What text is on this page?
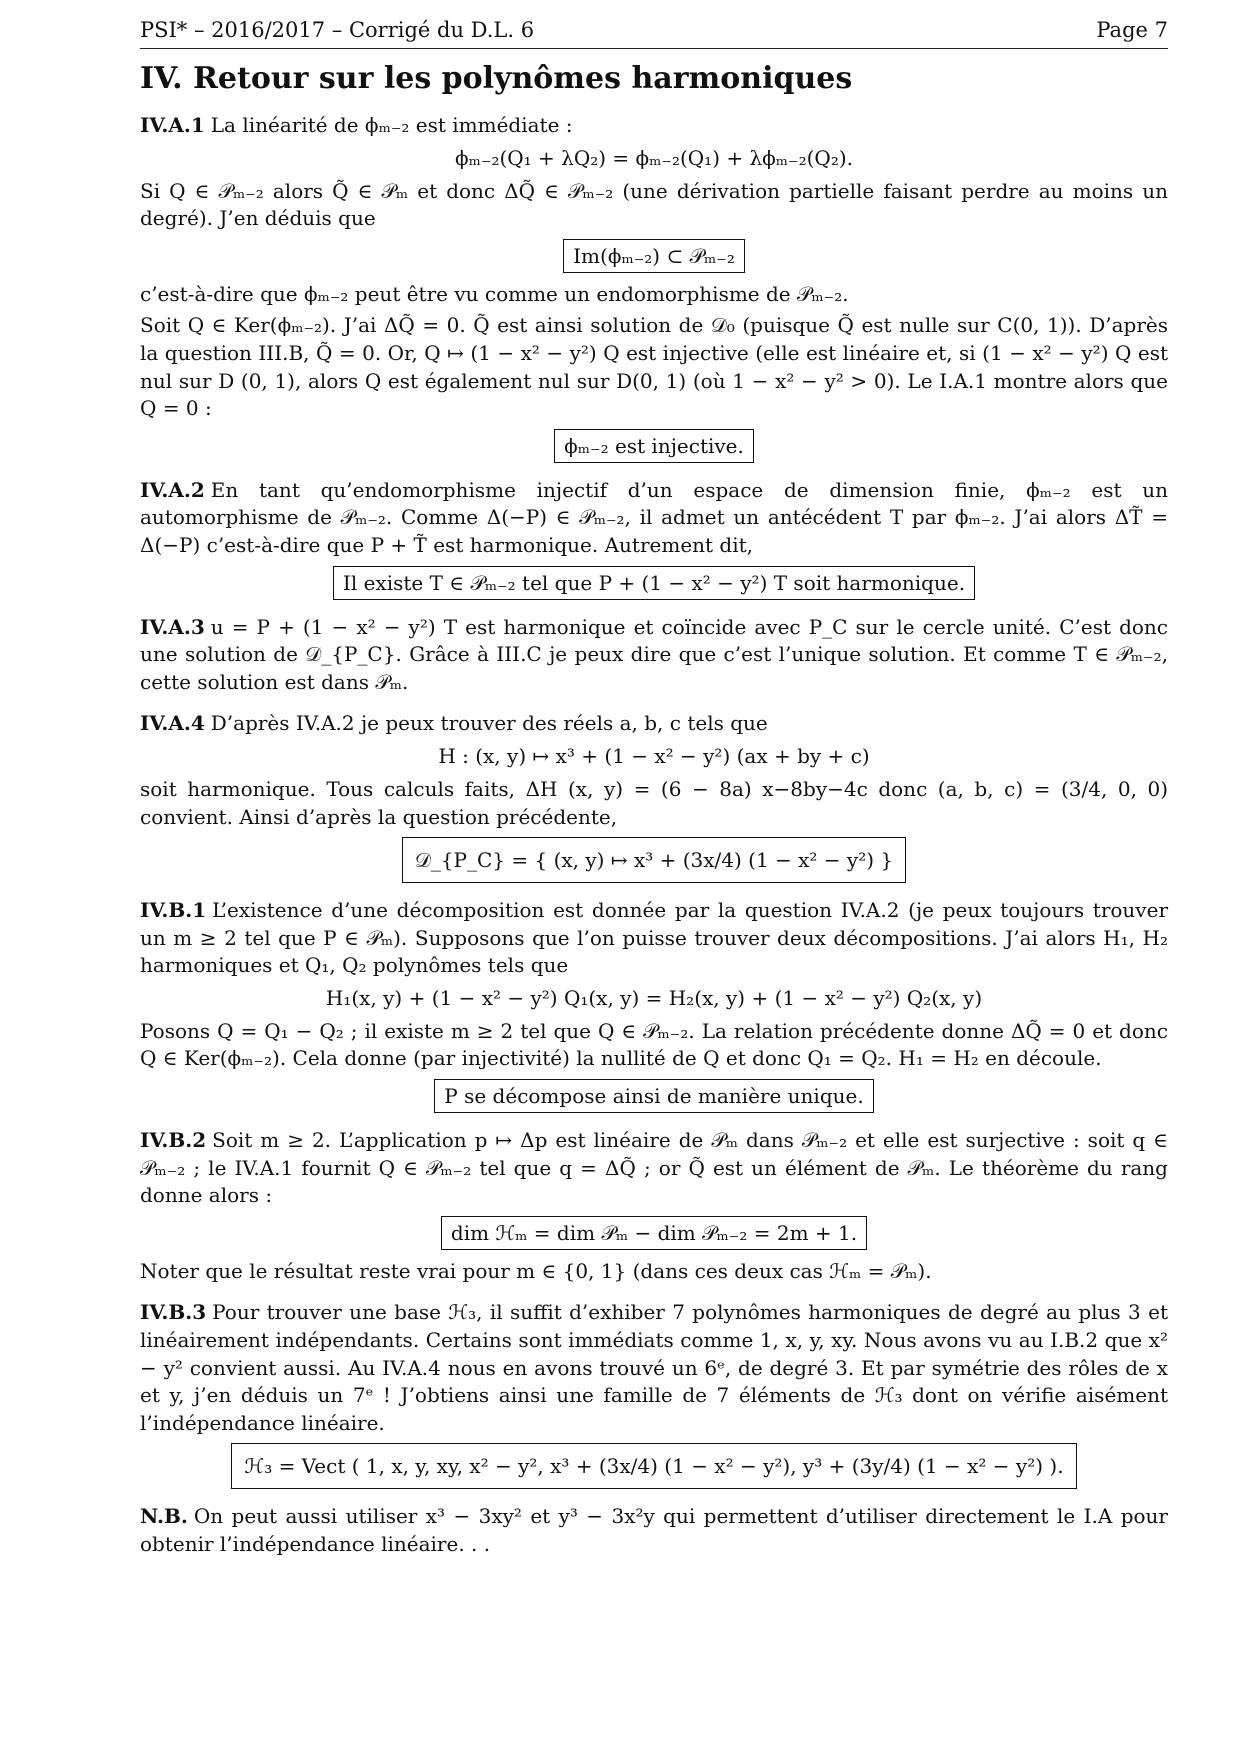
PSI* – 2016/2017 – Corrigé du D.L. 6	Page 7
IV. Retour sur les polynômes harmoniques

IV.A.1 La linéarité de ϕₘ₋₂ est immédiate :

ϕₘ₋₂(Q₁ + λQ₂) = ϕₘ₋₂(Q₁) + λϕₘ₋₂(Q₂).

Si Q ∈ 𝒫ₘ₋₂ alors Q̃ ∈ 𝒫ₘ et donc ΔQ̃ ∈ 𝒫ₘ₋₂ (une dérivation partielle faisant perdre au moins un degré). J’en déduis que

Im(ϕₘ₋₂) ⊂ 𝒫ₘ₋₂

c’est-à-dire que ϕₘ₋₂ peut être vu comme un endomorphisme de 𝒫ₘ₋₂.

Soit Q ∈ Ker(ϕₘ₋₂). J’ai ΔQ̃ = 0. Q̃ est ainsi solution de 𝒟₀ (puisque Q̃ est nulle sur C(0, 1)). D’après la question III.B, Q̃ = 0. Or, Q ↦ (1 − x² − y²) Q est injective (elle est linéaire et, si (1 − x² − y²) Q est nul sur D (0, 1), alors Q est également nul sur D(0, 1) (où 1 − x² − y² > 0). Le I.A.1 montre alors que Q = 0 :

ϕₘ₋₂ est injective.

IV.A.2 En tant qu’endomorphisme injectif d’un espace de dimension finie, ϕₘ₋₂ est un automorphisme de 𝒫ₘ₋₂. Comme Δ(−P) ∈ 𝒫ₘ₋₂, il admet un antécédent T par ϕₘ₋₂. J’ai alors ΔT̃ = Δ(−P) c’est-à-dire que P + T̃ est harmonique. Autrement dit,

Il existe T ∈ 𝒫ₘ₋₂ tel que P + (1 − x² − y²) T soit harmonique.

IV.A.3 u = P + (1 − x² − y²) T est harmonique et coïncide avec P_C sur le cercle unité. C’est donc une solution de 𝒟_{P_C}. Grâce à III.C je peux dire que c’est l’unique solution. Et comme T ∈ 𝒫ₘ₋₂, cette solution est dans 𝒫ₘ.

IV.A.4 D’après IV.A.2 je peux trouver des réels a, b, c tels que

H : (x, y) ↦ x³ + (1 − x² − y²) (ax + by + c)

soit harmonique. Tous calculs faits, ΔH (x, y) = (6 − 8a) x−8by−4c donc (a, b, c) = (3/4, 0, 0) convient. Ainsi d’après la question précédente,

𝒟_{P_C} = { (x, y) ↦ x³ + (3x/4) (1 − x² − y²) }

IV.B.1 L’existence d’une décomposition est donnée par la question IV.A.2 (je peux toujours trouver un m ≥ 2 tel que P ∈ 𝒫ₘ). Supposons que l’on puisse trouver deux décompositions. J’ai alors H₁, H₂ harmoniques et Q₁, Q₂ polynômes tels que

H₁(x, y) + (1 − x² − y²) Q₁(x, y) = H₂(x, y) + (1 − x² − y²) Q₂(x, y)

Posons Q = Q₁ − Q₂ ; il existe m ≥ 2 tel que Q ∈ 𝒫ₘ₋₂. La relation précédente donne ΔQ̃ = 0 et donc Q ∈ Ker(ϕₘ₋₂). Cela donne (par injectivité) la nullité de Q et donc Q₁ = Q₂. H₁ = H₂ en découle.

P se décompose ainsi de manière unique.

IV.B.2 Soit m ≥ 2. L’application p ↦ Δp est linéaire de 𝒫ₘ dans 𝒫ₘ₋₂ et elle est surjective : soit q ∈ 𝒫ₘ₋₂ ; le IV.A.1 fournit Q ∈ 𝒫ₘ₋₂ tel que q = ΔQ̃ ; or Q̃ est un élément de 𝒫ₘ. Le théorème du rang donne alors :

dim ℋₘ = dim 𝒫ₘ − dim 𝒫ₘ₋₂ = 2m + 1.

Noter que le résultat reste vrai pour m ∈ {0, 1} (dans ces deux cas ℋₘ = 𝒫ₘ).

IV.B.3 Pour trouver une base ℋ₃, il suffit d’exhiber 7 polynômes harmoniques de degré au plus 3 et linéairement indépendants. Certains sont immédiats comme 1, x, y, xy. Nous avons vu au I.B.2 que x² − y² convient aussi. Au IV.A.4 nous en avons trouvé un 6ᵉ, de degré 3. Et par symétrie des rôles de x et y, j’en déduis un 7ᵉ ! J’obtiens ainsi une famille de 7 éléments de ℋ₃ dont on vérifie aisément l’indépendance linéaire.

ℋ₃ = Vect ( 1, x, y, xy, x² − y², x³ + (3x/4) (1 − x² − y²), y³ + (3y/4) (1 − x² − y²) ).

N.B. On peut aussi utiliser x³ − 3xy² et y³ − 3x²y qui permettent d’utiliser directement le I.A pour obtenir l’indépendance linéaire. . .
